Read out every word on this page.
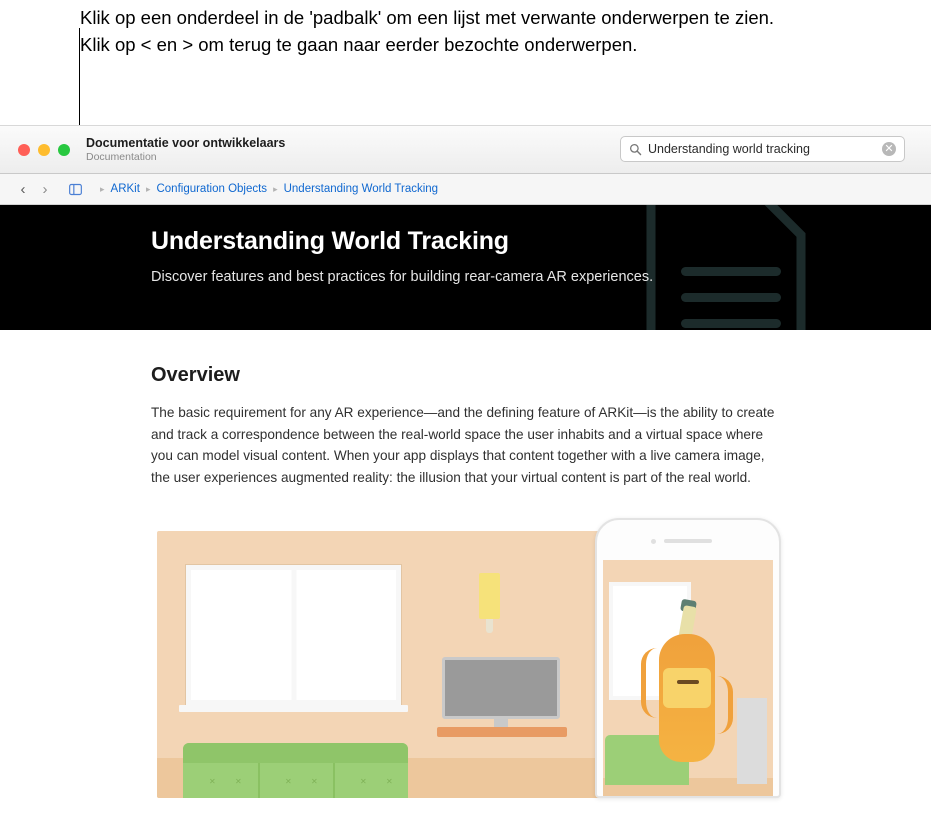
Klik op een onderdeel in de 'padbalk' om een lijst met verwante onderwerpen te zien. Klik op < en > om terug te gaan naar eerder bezochte onderwerpen.
Documentatie voor ontwikkelaars
Documentation
Understanding world tracking	✕
‹	›	▸ ARKit ▸ Configuration Objects ▸ Understanding World Tracking
Understanding World Tracking
Discover features and best practices for building rear-camera AR experiences.
Overview
The basic requirement for any AR experience—and the defining feature of ARKit—is the ability to create and track a correspondence between the real-world space the user inhabits and a virtual space where you can model visual content. When your app displays that content together with a live camera image, the user experiences augmented reality: the illusion that your virtual content is part of the real world.
✕ ✕	✕ ✕	✕ ✕
